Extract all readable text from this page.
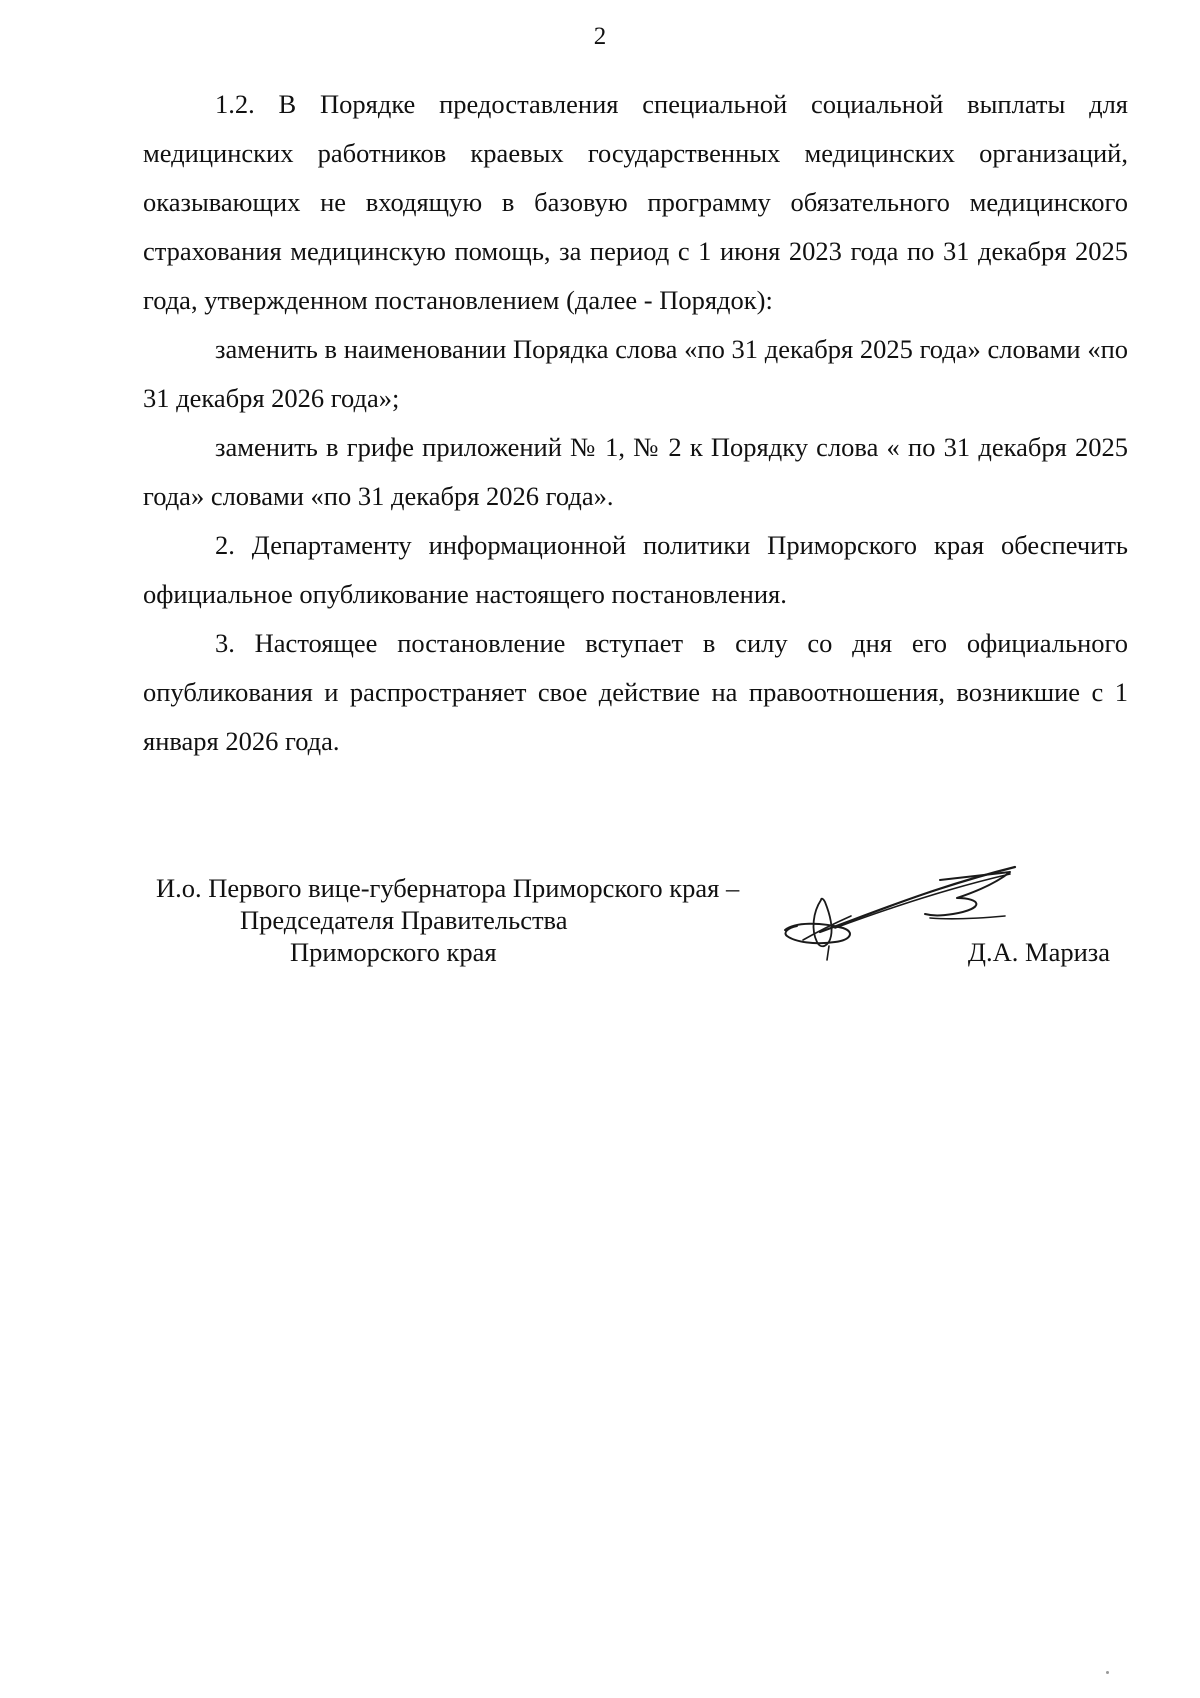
2

1.2. В Порядке предоставления специальной социальной выплаты для медицинских работников краевых государственных медицинских организаций, оказывающих не входящую в базовую программу обязательного медицинского страхования медицинскую помощь, за период с 1 июня 2023 года по 31 декабря 2025 года, утвержденном постановлением (далее - Порядок):

заменить в наименовании Порядка слова «по 31 декабря 2025 года» словами «по 31 декабря 2026 года»;

заменить в грифе приложений № 1, № 2 к Порядку слова « по 31 декабря 2025 года» словами «по 31 декабря 2026 года».

2. Департаменту информационной политики Приморского края обеспечить официальное опубликование настоящего постановления.

3. Настоящее постановление вступает в силу со дня его официального опубликования и распространяет свое действие на правоотношения, возникшие с 1 января 2026 года.

И.о. Первого вице-губернатора Приморского края –
Председателя Правительства
Приморского края	Д.А. Мариза
